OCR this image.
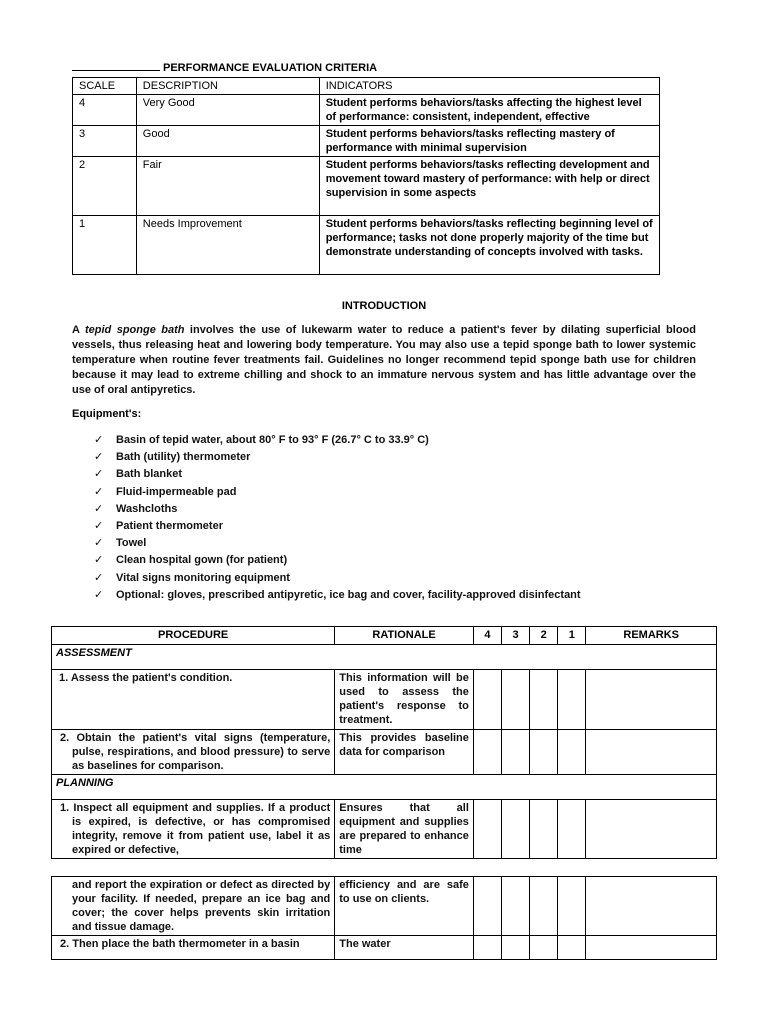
PERFORMANCE EVALUATION CRITERIA
SCALE	DESCRIPTION	INDICATORS
4	Very Good	Student performs behaviors/tasks affecting the highest level of performance: consistent, independent, effective
3	Good	Student performs behaviors/tasks reflecting mastery of performance with minimal supervision
2	Fair	Student performs behaviors/tasks reflecting development and movement toward mastery of performance: with help or direct supervision in some aspects
1	Needs Improvement	Student performs behaviors/tasks reflecting beginning level of performance; tasks not done properly majority of the time but demonstrate understanding of concepts involved with tasks.
INTRODUCTION
A tepid sponge bath involves the use of lukewarm water to reduce a patient's fever by dilating superficial blood vessels, thus releasing heat and lowering body temperature. You may also use a tepid sponge bath to lower systemic temperature when routine fever treatments fail. Guidelines no longer recommend tepid sponge bath use for children because it may lead to extreme chilling and shock to an immature nervous system and has little advantage over the use of oral antipyretics.
Equipment's:
✓ Basin of tepid water, about 80° F to 93° F (26.7° C to 33.9° C)
✓ Bath (utility) thermometer
✓ Bath blanket
✓ Fluid-impermeable pad
✓ Washcloths
✓ Patient thermometer
✓ Towel
✓ Clean hospital gown (for patient)
✓ Vital signs monitoring equipment
✓ Optional: gloves, prescribed antipyretic, ice bag and cover, facility-approved disinfectant
PROCEDURE	RATIONALE	4	3	2	1	REMARKS
ASSESSMENT						
1. Assess the patient's condition.	This information will be used to assess the patient's response to treatment.					
2. Obtain the patient's vital signs (temperature, pulse, respirations, and blood pressure) to serve as baselines for comparison.	This provides baseline data for comparison					
PLANNING						
1. Inspect all equipment and supplies. If a product is expired, is defective, or has compromised integrity, remove it from patient use, label it as expired or defective,	Ensures that all equipment and supplies are prepared to enhance time					
and report the expiration or defect as directed by your facility. If needed, prepare an ice bag and cover; the cover helps prevents skin irritation and tissue damage.	efficiency and are safe to use on clients.					
2. Then place the bath thermometer in a basin	The water					
